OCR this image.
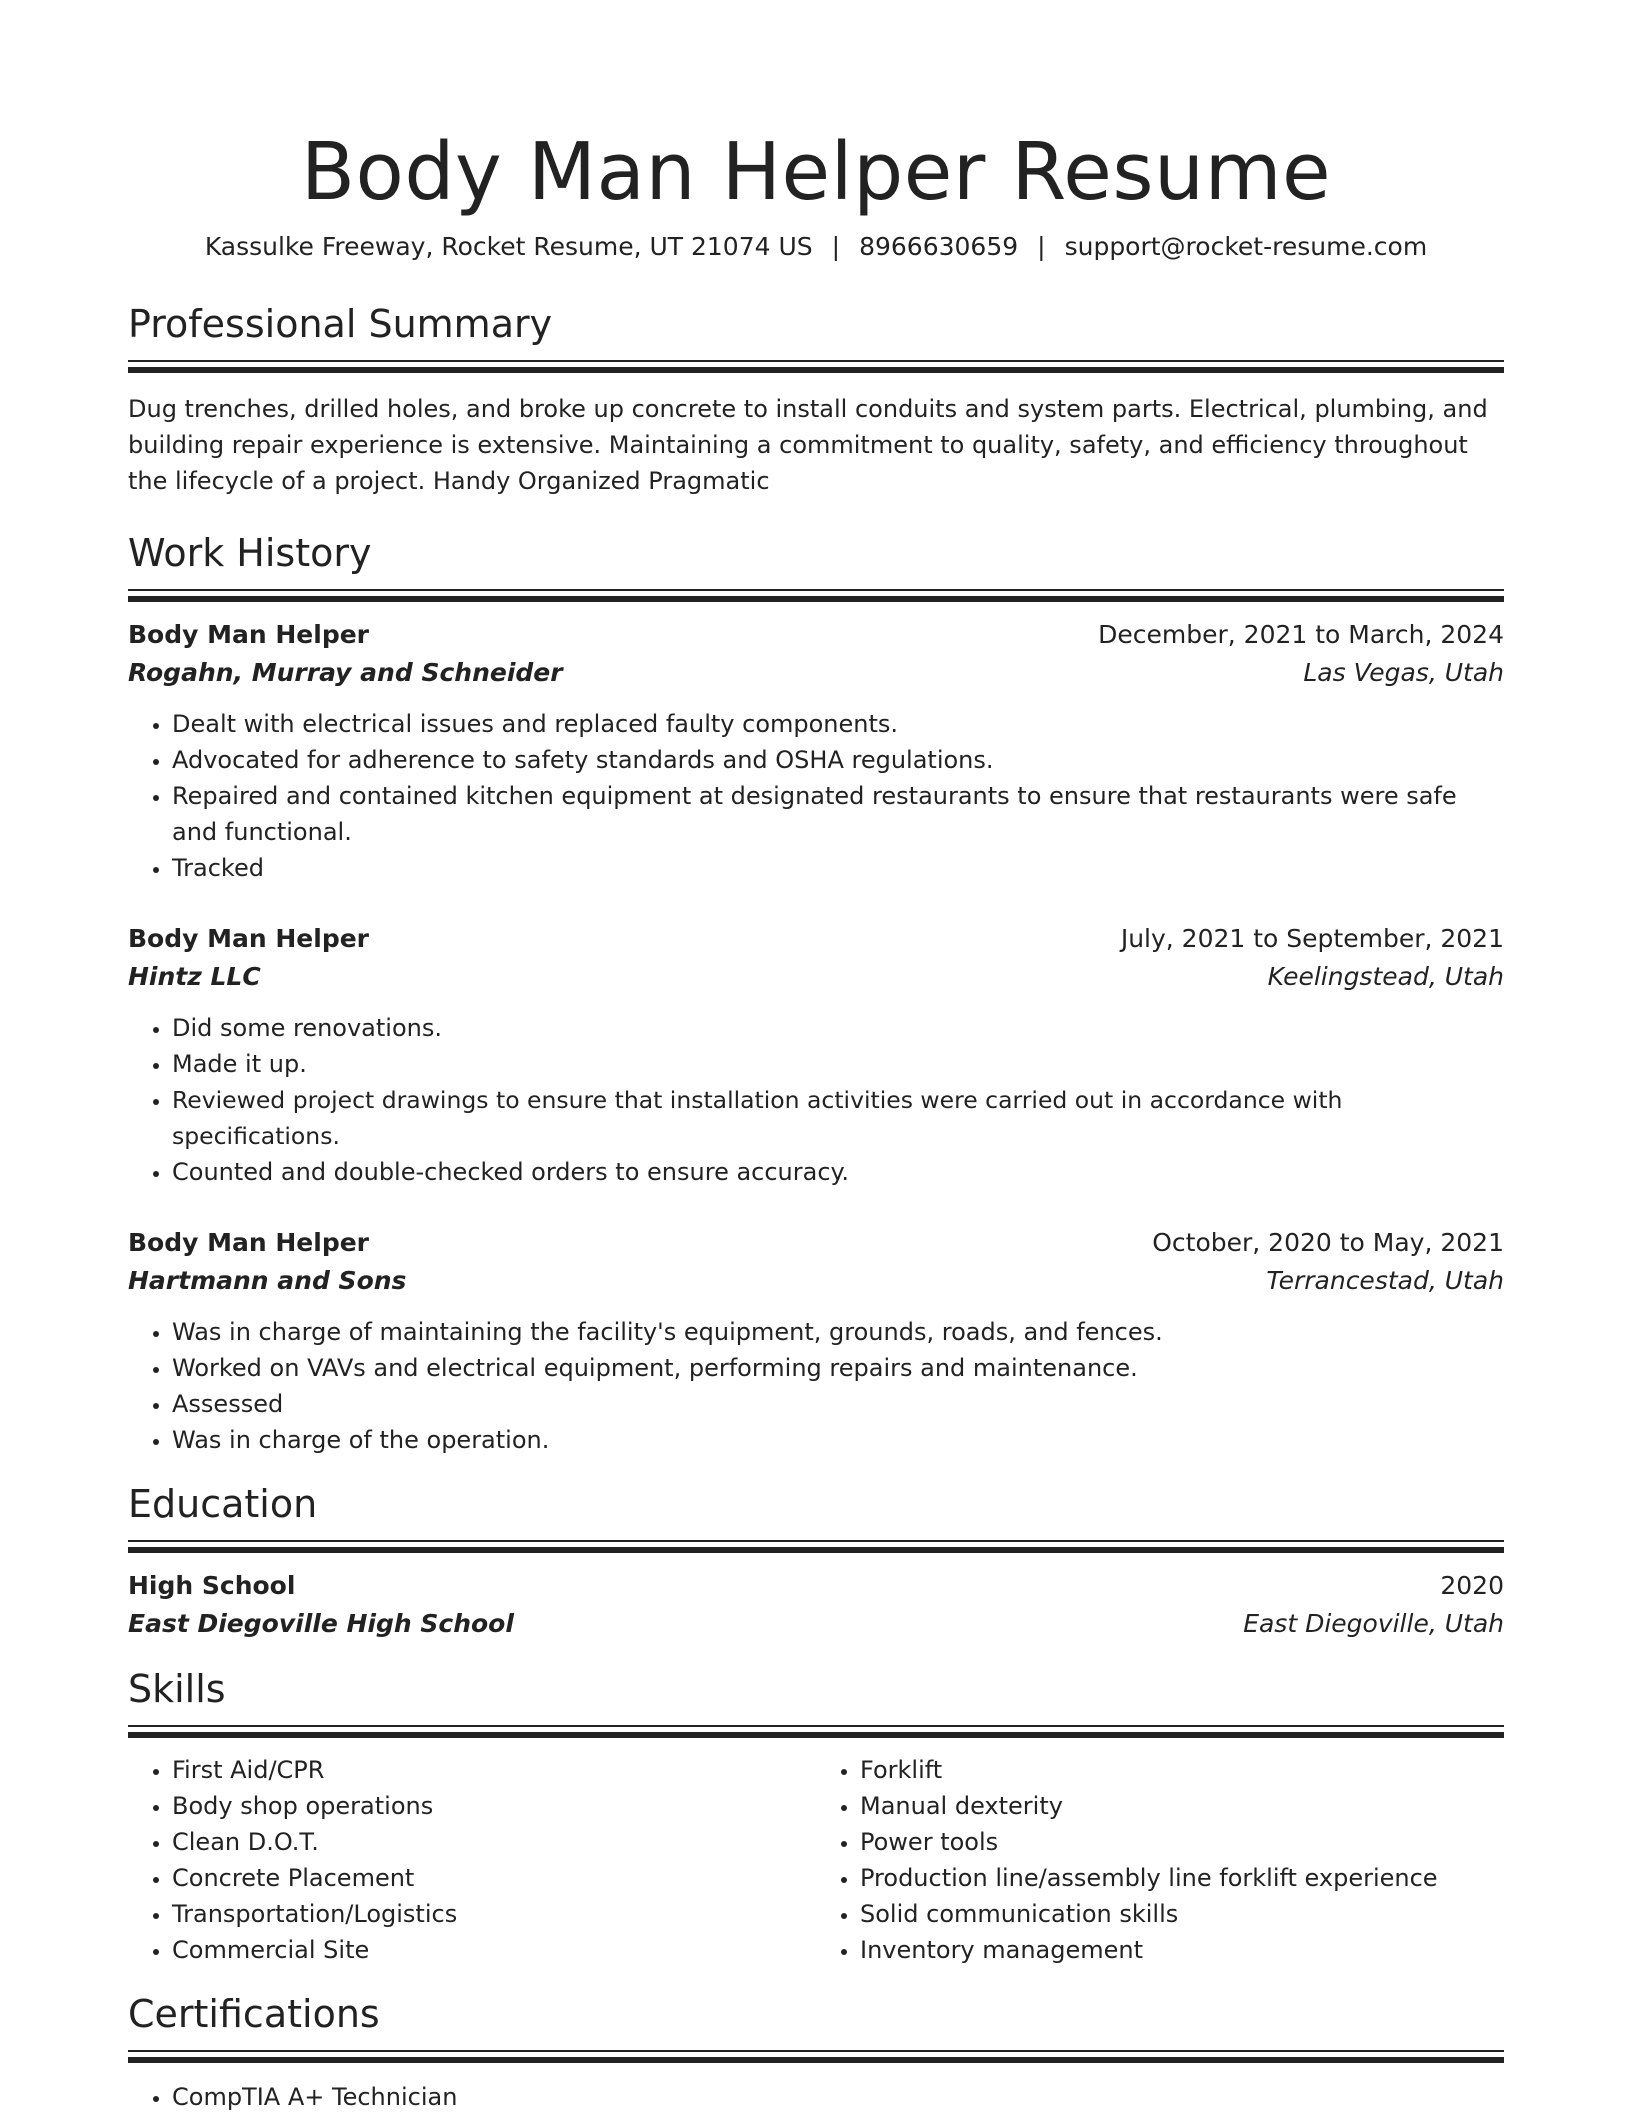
Body Man Helper Resume
Kassulke Freeway, Rocket Resume, UT 21074 US | 8966630659 | support@rocket-resume.com
Professional Summary

Dug trenches, drilled holes, and broke up concrete to install conduits and system parts. Electrical, plumbing, and building repair experience is extensive. Maintaining a commitment to quality, safety, and efficiency throughout the lifecycle of a project. Handy Organized Pragmatic

Work History
Body Man Helper	December, 2021 to March, 2024
Rogahn, Murray and Schneider	Las Vegas, Utah
• Dealt with electrical issues and replaced faulty components.
• Advocated for adherence to safety standards and OSHA regulations.
• Repaired and contained kitchen equipment at designated restaurants to ensure that restaurants were safe and functional.
• Tracked
Body Man Helper	July, 2021 to September, 2021
Hintz LLC	Keelingstead, Utah
• Did some renovations.
• Made it up.
• Reviewed project drawings to ensure that installation activities were carried out in accordance with specifications.
• Counted and double-checked orders to ensure accuracy.
Body Man Helper	October, 2020 to May, 2021
Hartmann and Sons	Terrancestad, Utah
• Was in charge of maintaining the facility's equipment, grounds, roads, and fences.
• Worked on VAVs and electrical equipment, performing repairs and maintenance.
• Assessed
• Was in charge of the operation.
Education
High School	2020
East Diegoville High School	East Diegoville, Utah
Skills
• First Aid/CPR
• Body shop operations
• Clean D.O.T.
• Concrete Placement
• Transportation/Logistics
• Commercial Site
• Forklift
• Manual dexterity
• Power tools
• Production line/assembly line forklift experience
• Solid communication skills
• Inventory management
Certifications
• CompTIA A+ Technician
